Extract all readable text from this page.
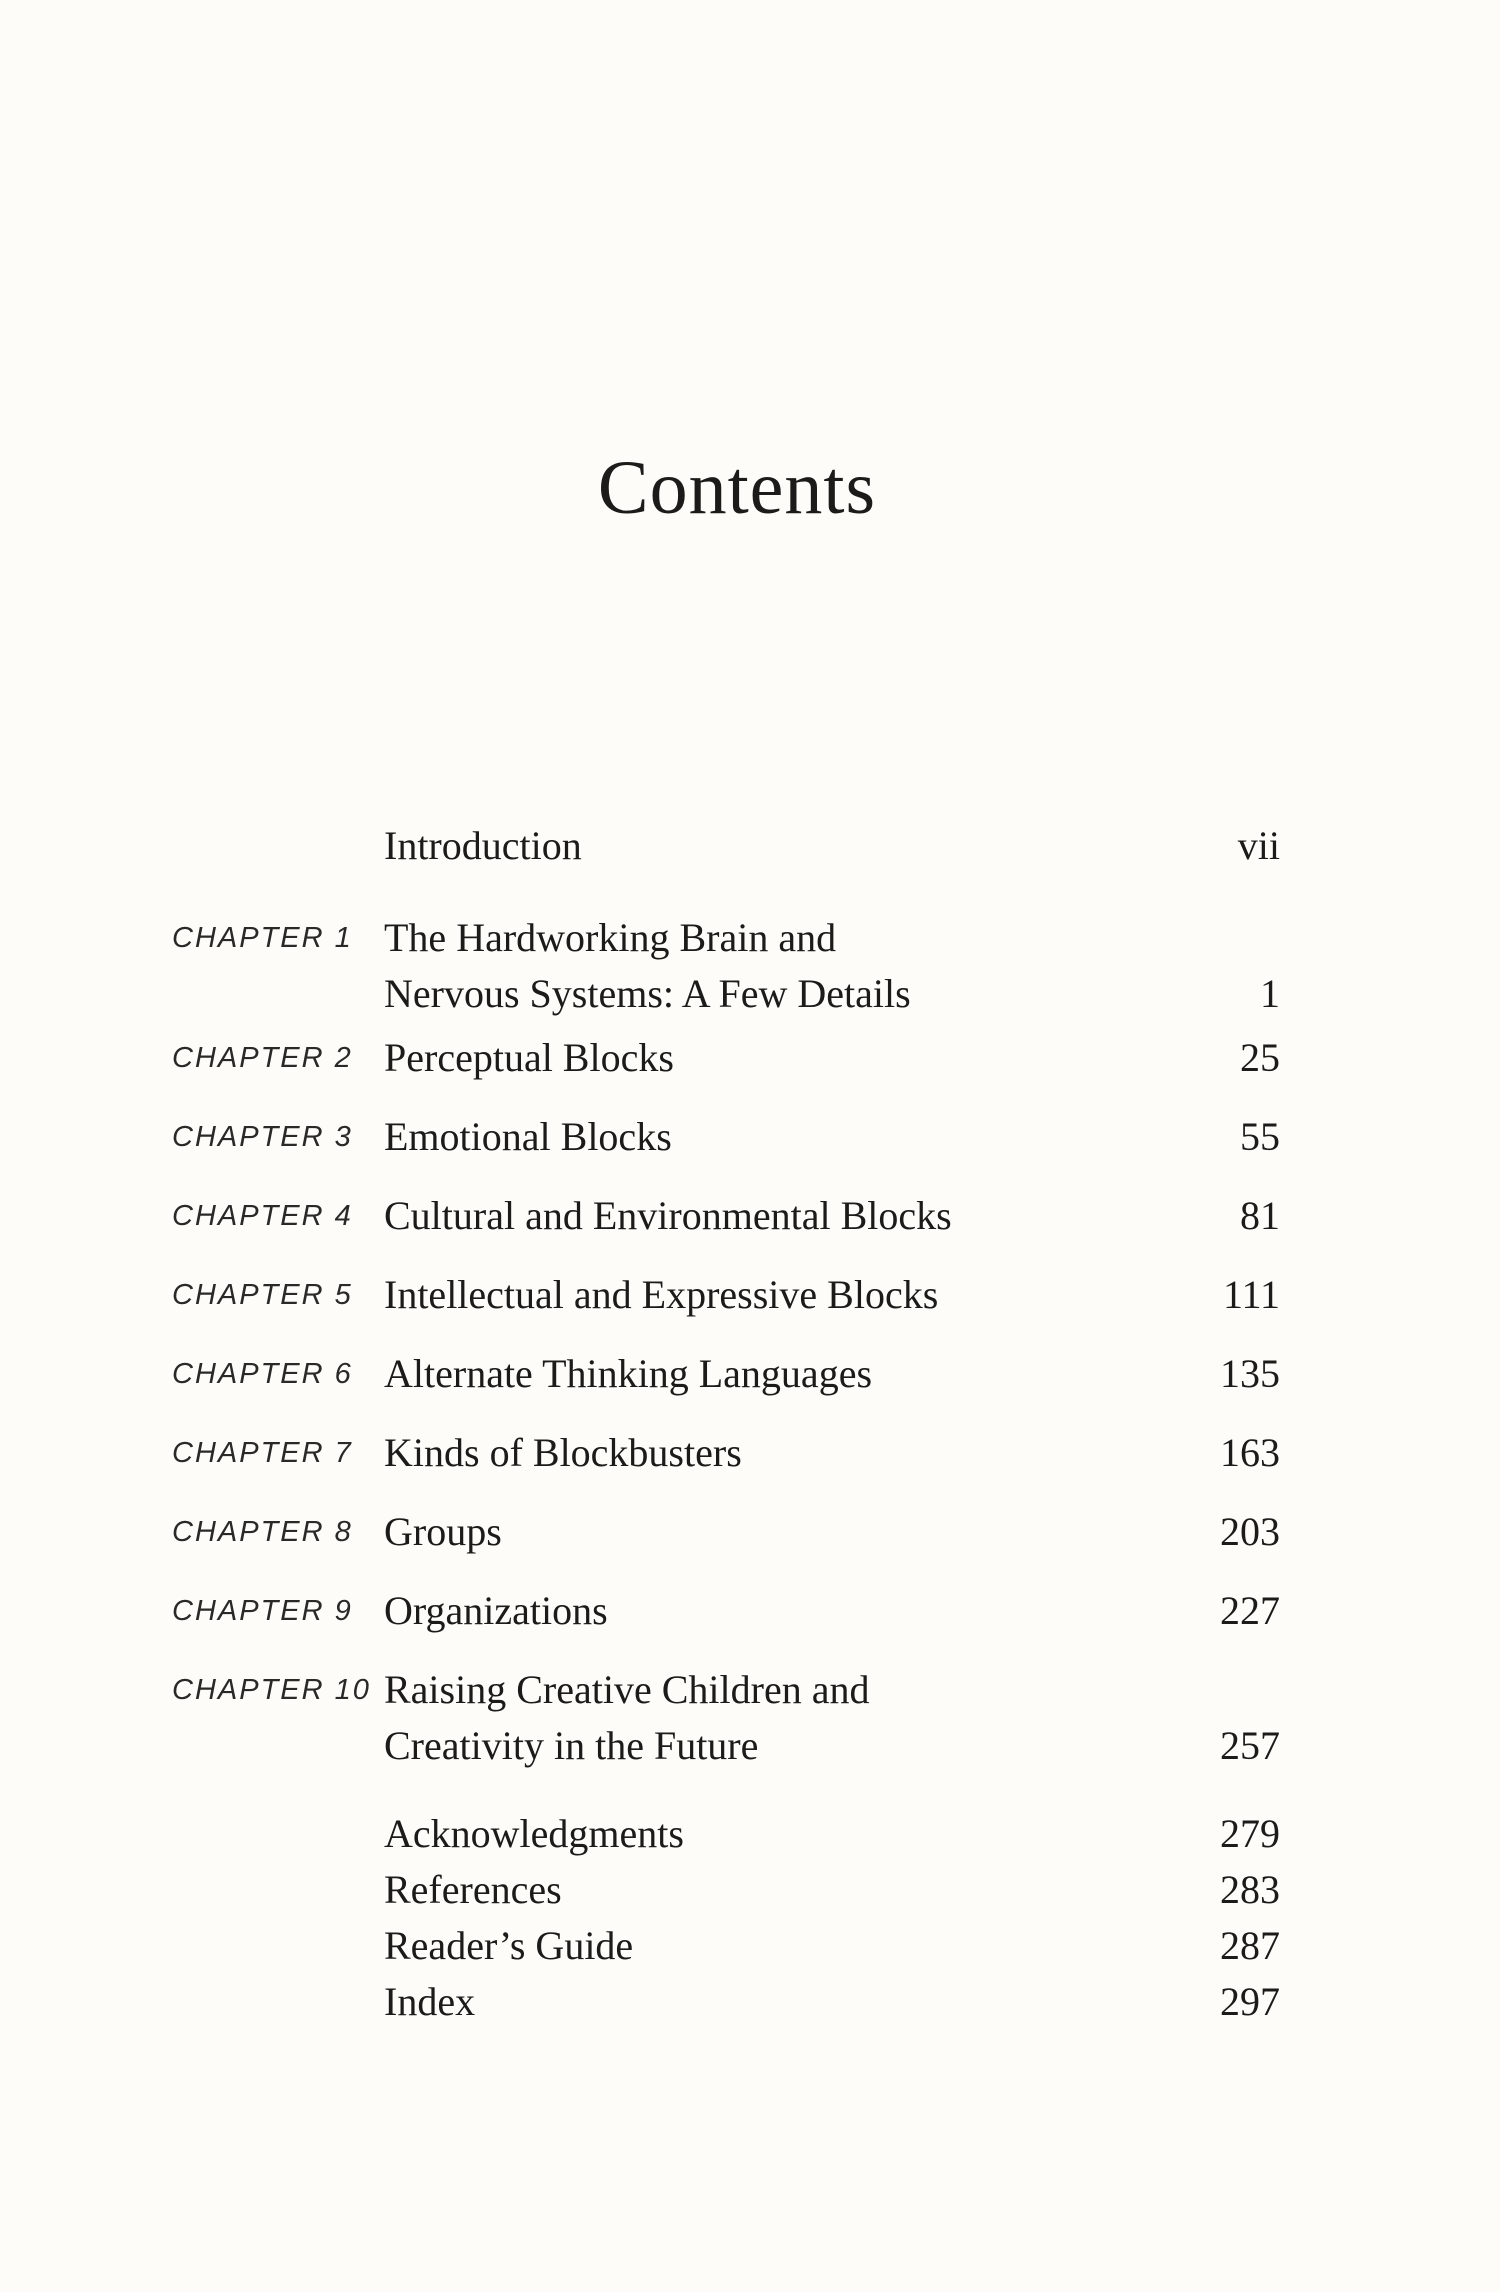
Contents
Introduction	vii
CHAPTER 1 The Hardworking Brain and
Nervous Systems: A Few Details	1
CHAPTER 2 Perceptual Blocks	25
CHAPTER 3 Emotional Blocks	55
CHAPTER 4 Cultural and Environmental Blocks	81
CHAPTER 5 Intellectual and Expressive Blocks	111
CHAPTER 6 Alternate Thinking Languages	135
CHAPTER 7 Kinds of Blockbusters	163
CHAPTER 8 Groups	203
CHAPTER 9 Organizations	227
CHAPTER 10 Raising Creative Children and
Creativity in the Future	257
Acknowledgments	279
References	283
Reader’s Guide	287
Index	297
